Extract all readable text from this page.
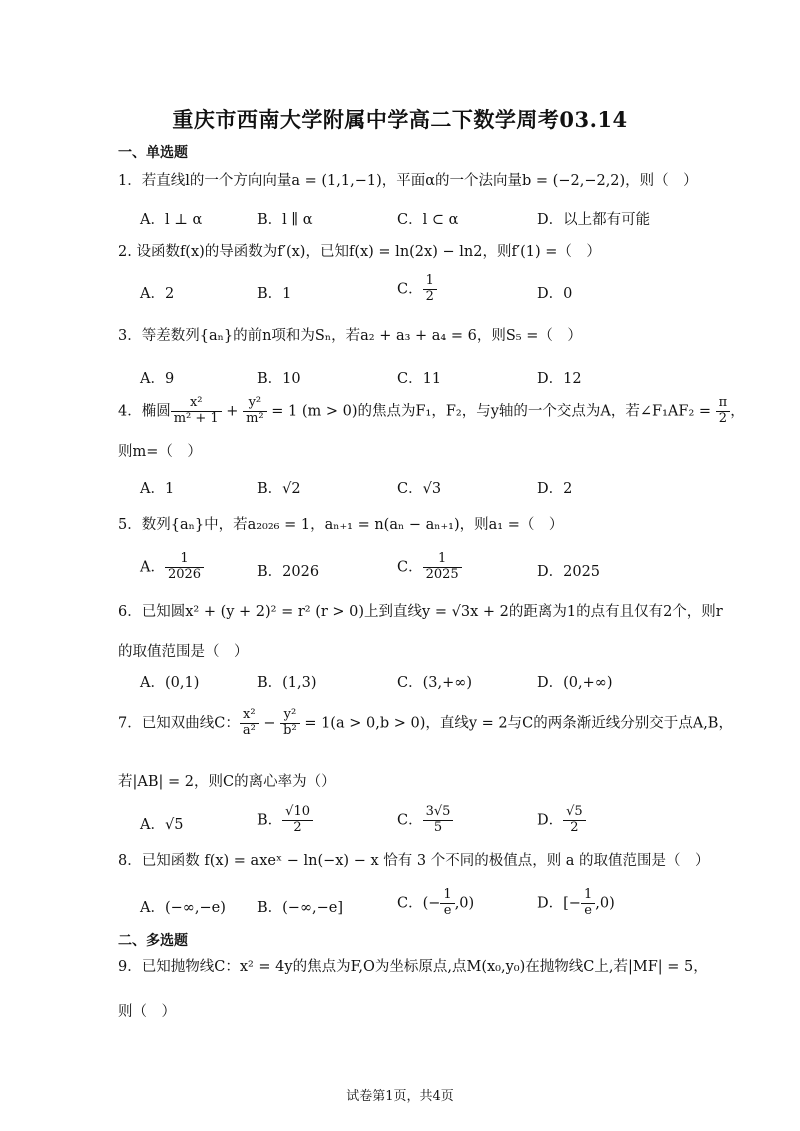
重庆市西南大学附属中学高二下数学周考03.14
一、单选题
1．若直线l的一个方向向量a = (1,1,−1)，平面α的一个法向量b = (−2,−2,2)，则（　）
A．l ⊥ α	B．l ∥ α	C．l ⊂ α	D．以上都有可能
2. 设函数f(x)的导函数为f′(x)，已知f(x) = ln(2x) − ln2，则f′(1) =（　）
A．2	B．1	C． $\frac{1}{2}$	D．0
3．等差数列{aₙ}的前n项和为Sₙ，若a₂ + a₃ + a₄ = 6，则S₅ =（　）
A．9	B．10	C．11	D．12
4．椭圆 $\frac{\text{x²}}{\text{m² + 1}} + \frac{\text{y²}}{\text{m²}} = 1$ (m > 0)的焦点为F₁，F₂，与y轴的一个交点为A，若∠F₁AF₂ = $\frac{\pi}{2}$ ，
则m=（　）
A．1	B．√2	C．√3	D．2
5．数列{aₙ}中，若a₂₀₂₆ = 1，aₙ₊₁ = n(aₙ − aₙ₊₁)，则a₁ =（　）
A． $\frac{1}{2026}$	B．2026	C． $\frac{1}{2025}$	D．2025
6．已知圆x² + (y + 2)² = r² (r > 0)上到直线y = √3x + 2的距离为1的点有且仅有2个，则r
的取值范围是（　）
A．(0,1)	B．(1,3)	C．(3,+∞)	D．(0,+∞)
7．已知双曲线C： $\frac{\text{x²}}{\text{a²}} - \frac{\text{y²}}{\text{b²}} = 1(a > 0,b > 0)$，直线y = 2与C的两条渐近线分别交于点A,B，
若|AB| = 2，则C的离心率为（）
A．√5	B． $\frac{√10}{2}$	C． $\frac{3√5}{5}$	D． $\frac{√5}{2}$
8．已知函数 f(x) = axeˣ − ln(−x) − x 恰有 3 个不同的极值点，则 a 的取值范围是（　）
A．(−∞,−e) B．(−∞,−e]	C．(− $\frac{1}{e} ,0$)	D．[− $\frac{1}{e} ,0$)
二、多选题
9．已知抛物线C：x² = 4y的焦点为F,O为坐标原点,点M(x₀,y₀)在抛物线C上,若|MF| = 5，
则（　）
试卷第1页，共4页
